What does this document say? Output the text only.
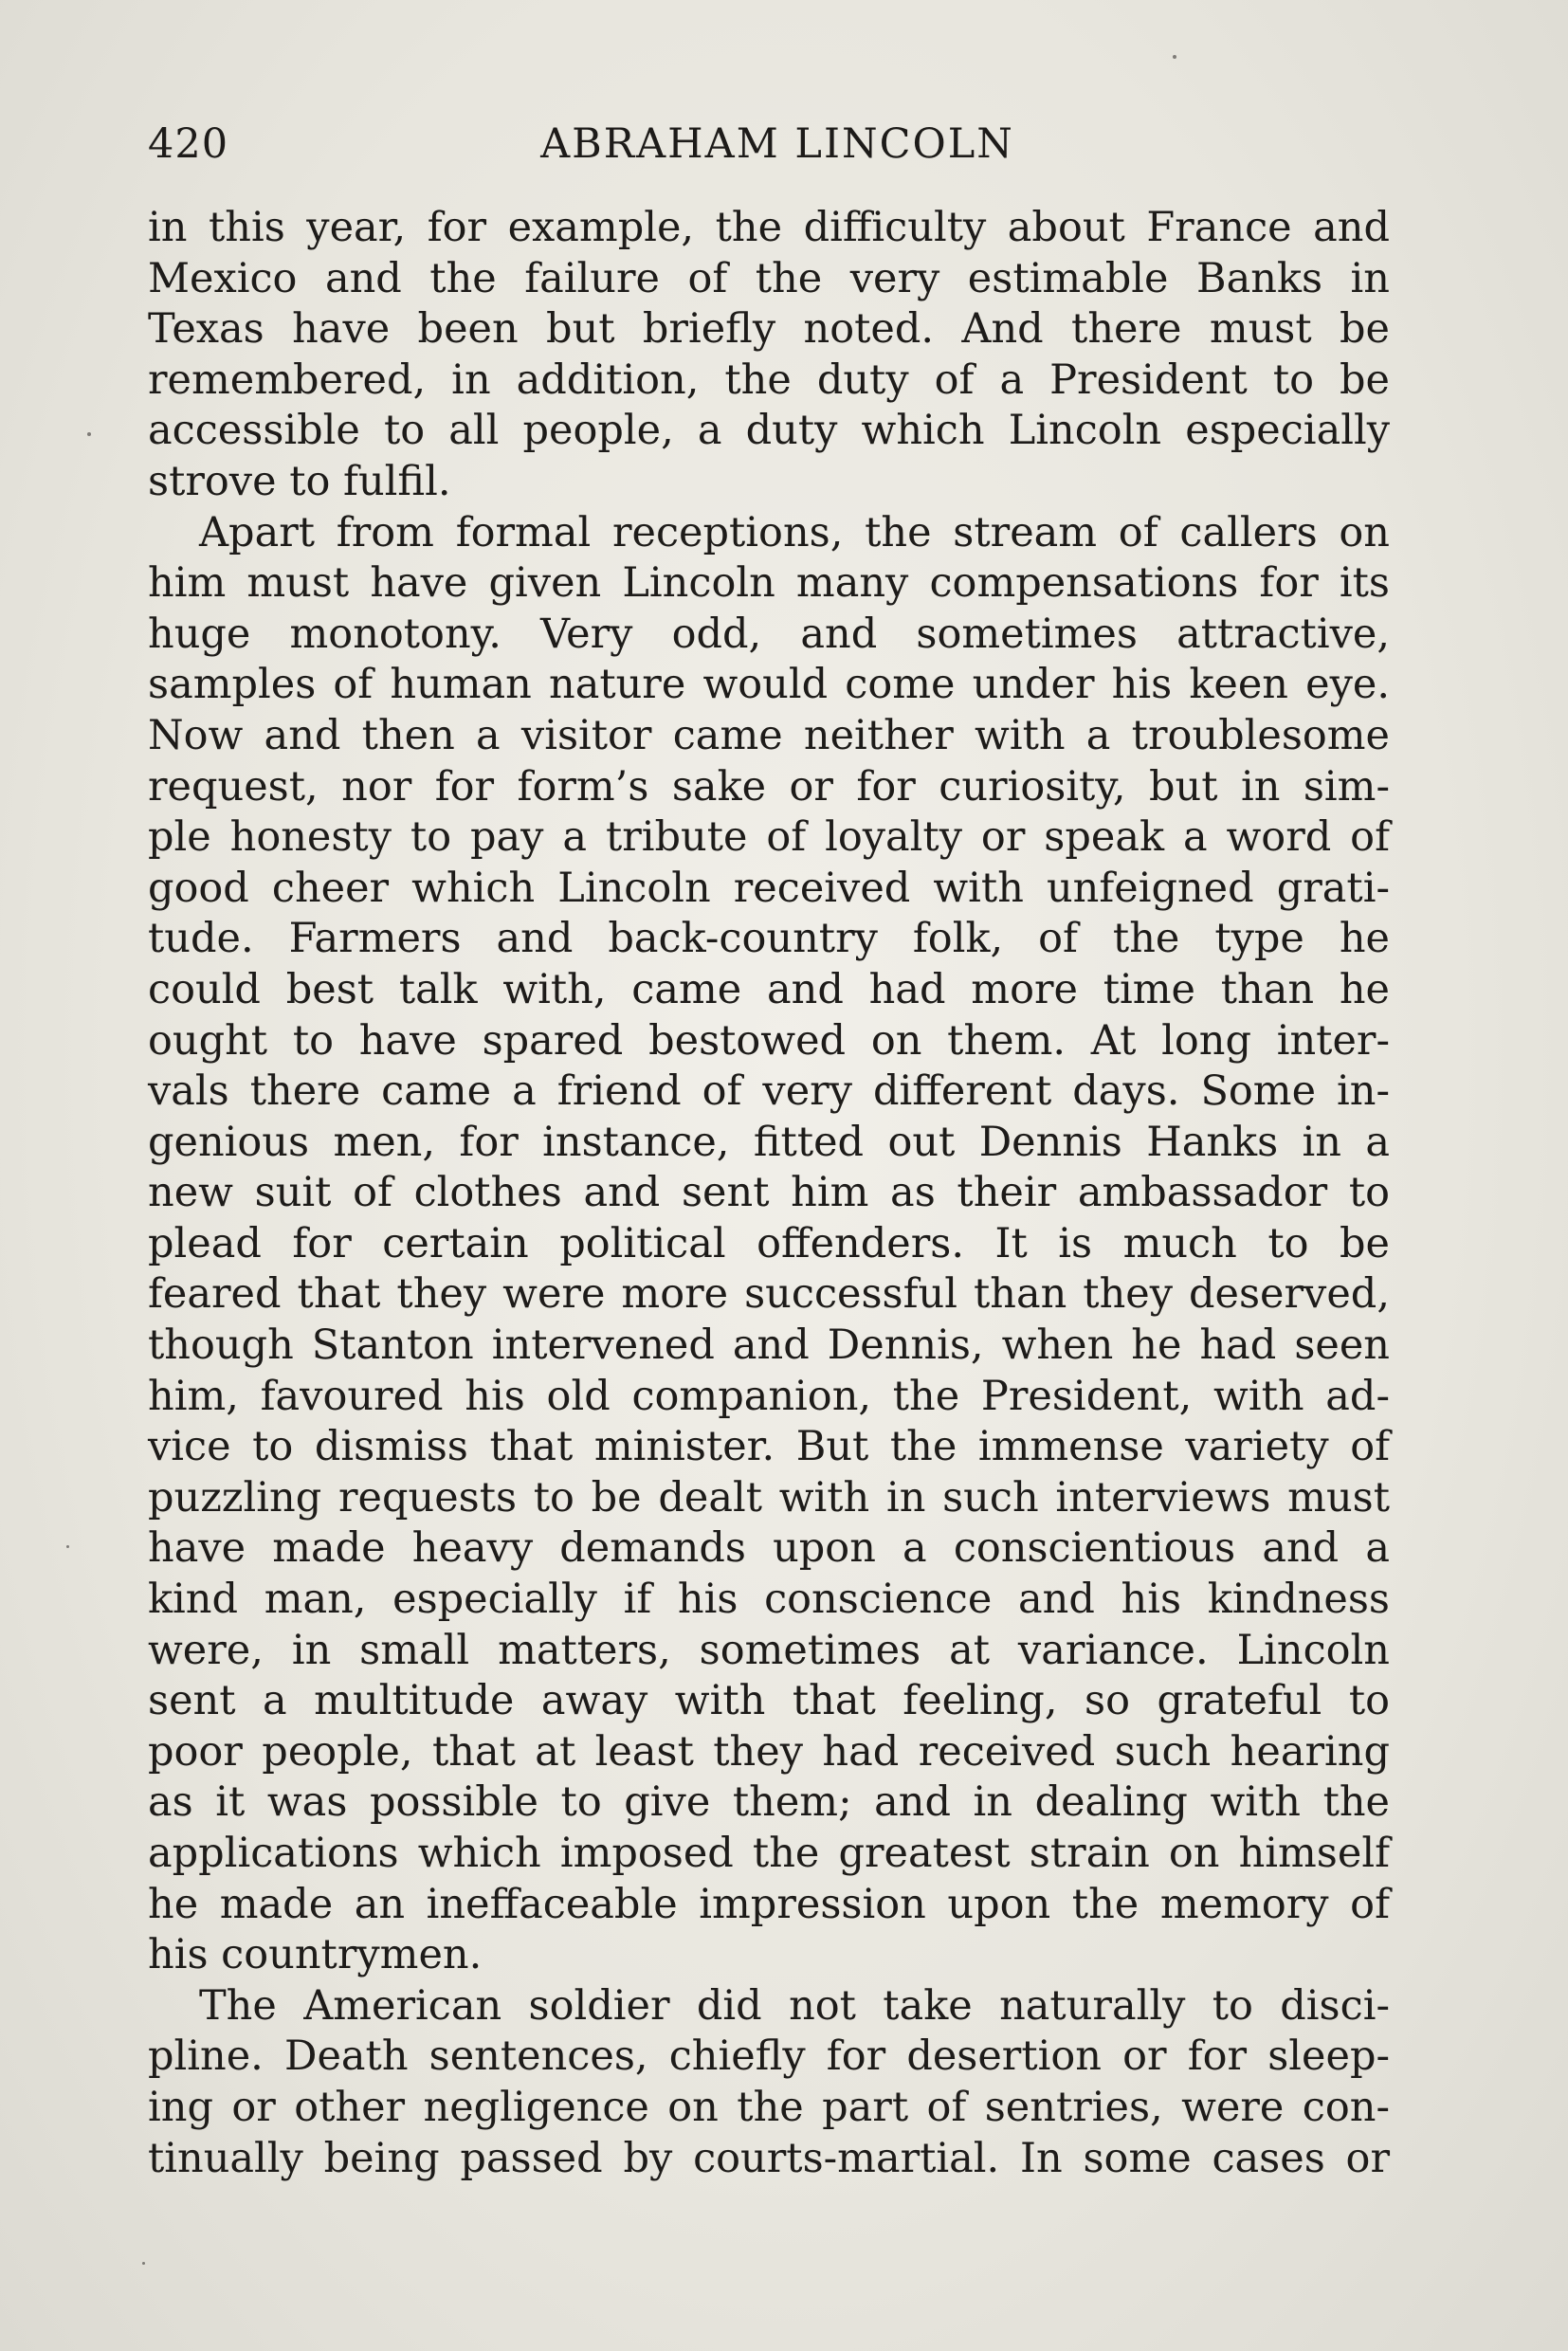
420	ABRAHAM LINCOLN
in this year, for example, the difficulty about France and
Mexico and the failure of the very estimable Banks in
Texas have been but briefly noted. And there must be
remembered, in addition, the duty of a President to be
accessible to all people, a duty which Lincoln especially
strove to fulfil.
Apart from formal receptions, the stream of callers on
him must have given Lincoln many compensations for its
huge monotony. Very odd, and sometimes attractive,
samples of human nature would come under his keen eye.
Now and then a visitor came neither with a troublesome
request, nor for form’s sake or for curiosity, but in sim-
ple honesty to pay a tribute of loyalty or speak a word of
good cheer which Lincoln received with unfeigned grati-
tude. Farmers and back-country folk, of the type he
could best talk with, came and had more time than he
ought to have spared bestowed on them. At long inter-
vals there came a friend of very different days. Some in-
genious men, for instance, fitted out Dennis Hanks in a
new suit of clothes and sent him as their ambassador to
plead for certain political offenders. It is much to be
feared that they were more successful than they deserved,
though Stanton intervened and Dennis, when he had seen
him, favoured his old companion, the President, with ad-
vice to dismiss that minister. But the immense variety of
puzzling requests to be dealt with in such interviews must
have made heavy demands upon a conscientious and a
kind man, especially if his conscience and his kindness
were, in small matters, sometimes at variance. Lincoln
sent a multitude away with that feeling, so grateful to
poor people, that at least they had received such hearing
as it was possible to give them; and in dealing with the
applications which imposed the greatest strain on himself
he made an ineffaceable impression upon the memory of
his countrymen.
The American soldier did not take naturally to disci-
pline. Death sentences, chiefly for desertion or for sleep-
ing or other negligence on the part of sentries, were con-
tinually being passed by courts-martial. In some cases or
